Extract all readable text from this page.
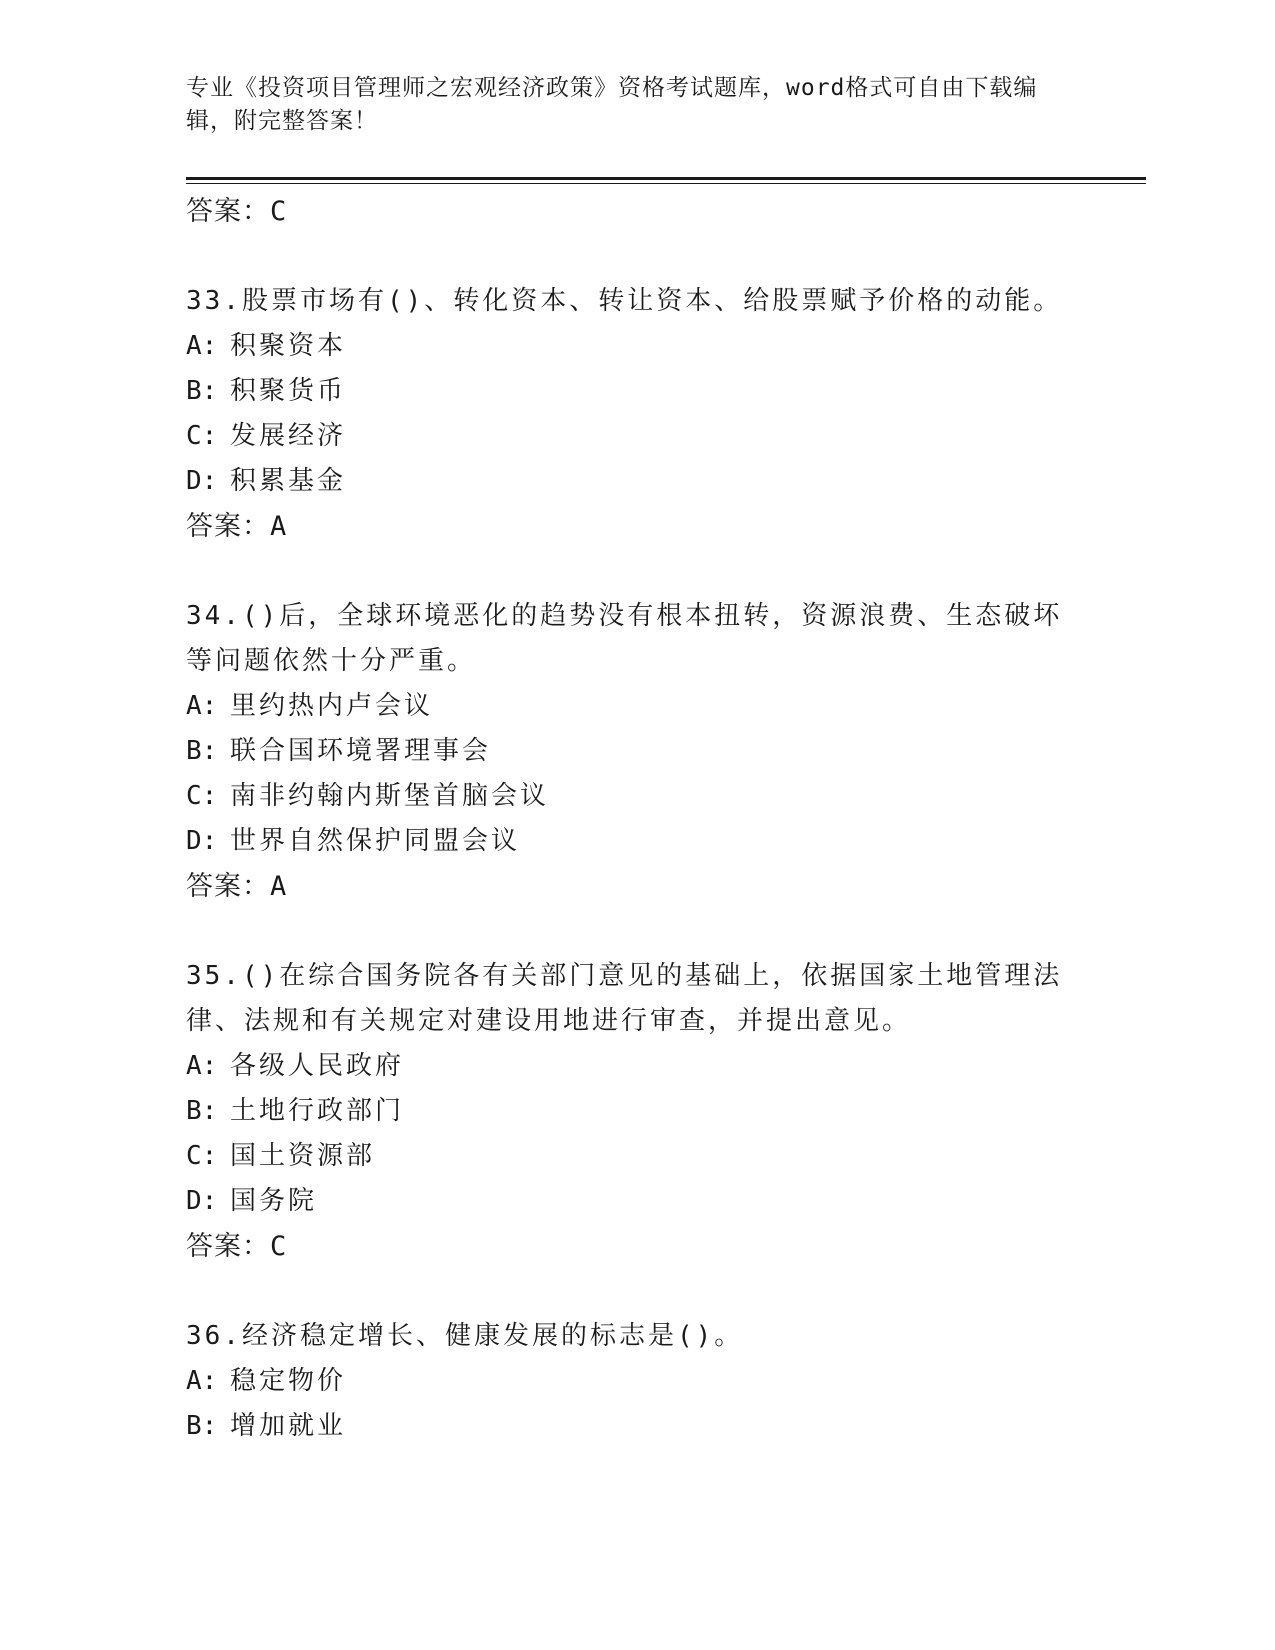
专业《投资项目管理师之宏观经济政策》资格考试题库，word格式可自由下载编辑，附完整答案！
答案：C
33.股票市场有()、转化资本、转让资本、给股票赋予价格的动能。
A: 积聚资本
B: 积聚货币
C: 发展经济
D: 积累基金
答案：A
34.()后，全球环境恶化的趋势没有根本扭转，资源浪费、生态破坏等问题依然十分严重。
A: 里约热内卢会议
B: 联合国环境署理事会
C: 南非约翰内斯堡首脑会议
D: 世界自然保护同盟会议
答案：A
35.()在综合国务院各有关部门意见的基础上，依据国家土地管理法律、法规和有关规定对建设用地进行审查，并提出意见。
A: 各级人民政府
B: 土地行政部门
C: 国土资源部
D: 国务院
答案：C
36.经济稳定增长、健康发展的标志是()。
A: 稳定物价
B: 增加就业
